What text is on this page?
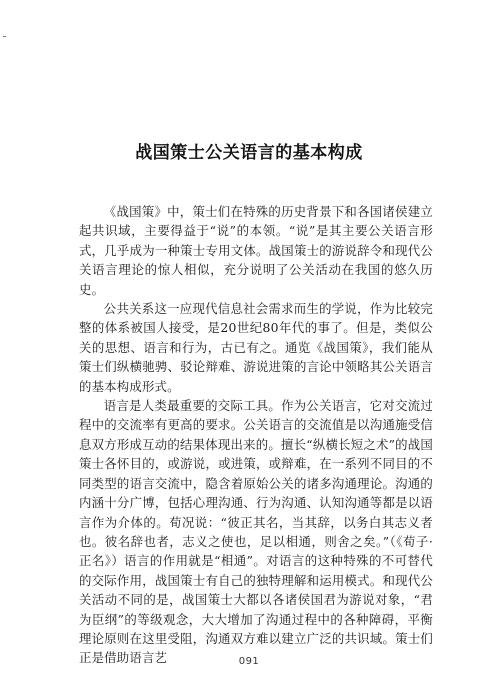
战国策士公关语言的基本构成

《战国策》中，策士们在特殊的历史背景下和各国诸侯建立起共识域，主要得益于“说”的本领。“说”是其主要公关语言形式，几乎成为一种策士专用文体。战国策士的游说辞令和现代公关语言理论的惊人相似，充分说明了公关活动在我国的悠久历史。

公共关系这一应现代信息社会需求而生的学说，作为比较完整的体系被国人接受，是20世纪80年代的事了。但是，类似公关的思想、语言和行为，古已有之。通览《战国策》，我们能从策士们纵横驰骋、驳论辩难、游说进策的言论中领略其公关语言的基本构成形式。

语言是人类最重要的交际工具。作为公关语言，它对交流过程中的交流率有更高的要求。公关语言的交流值是以沟通施受信息双方形成互动的结果体现出来的。擅长“纵横长短之术”的战国策士各怀目的，或游说，或进策，或辩难，在一系列不同目的不同类型的语言交流中，隐含着原始公关的诸多沟通理论。沟通的内涵十分广博，包括心理沟通、行为沟通、认知沟通等都是以语言作为介体的。荀况说：“彼正其名，当其辞，以务白其志义者也。彼名辞也者，志义之使也，足以相通，则舍之矣。”（《荀子·正名》）语言的作用就是“相通”。对语言的这种特殊的不可替代的交际作用，战国策士有自己的独特理解和运用模式。和现代公关活动不同的是，战国策士大都以各诸侯国君为游说对象，“君为臣纲”的等级观念，大大增加了沟通过程中的各种障碍，平衡理论原则在这里受阻，沟通双方难以建立广泛的共识域。策士们正是借助语言艺	091
